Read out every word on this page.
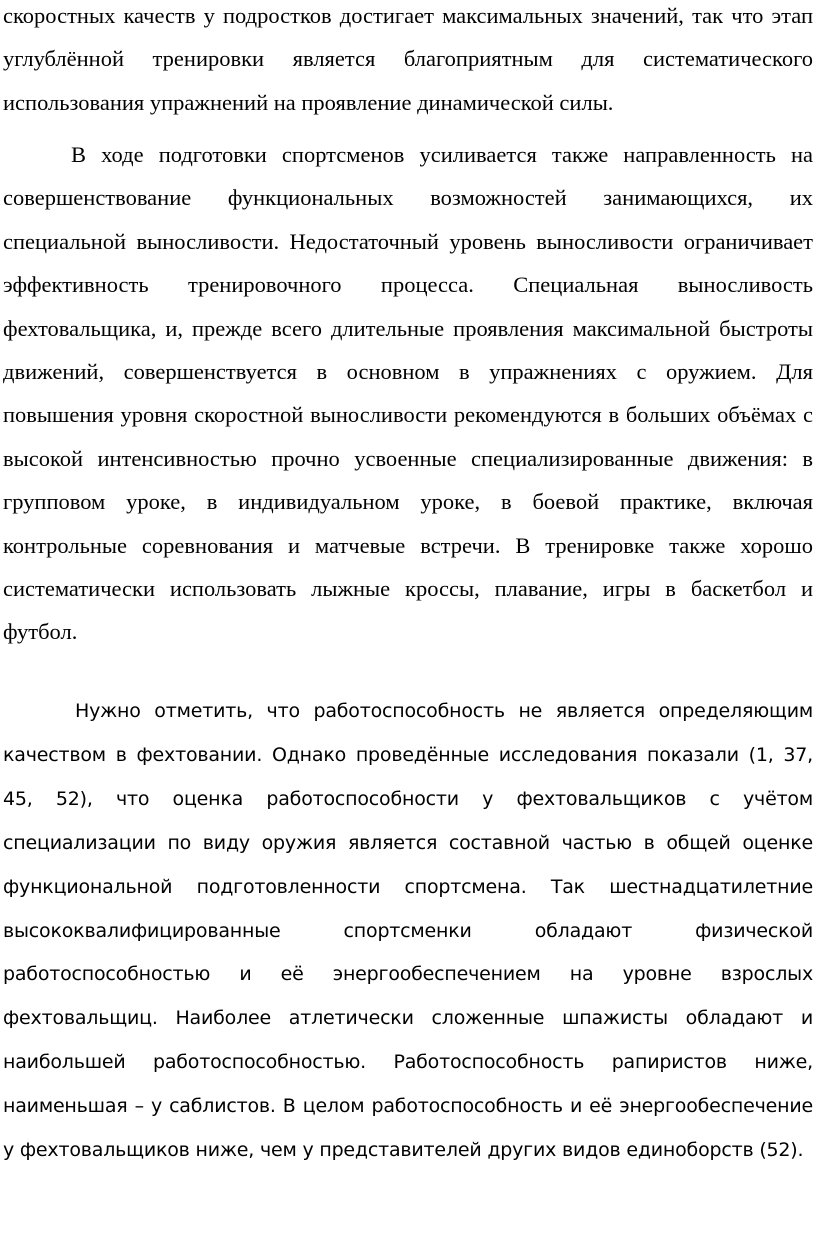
скоростных качеств у подростков достигает максимальных значений, так что этап углублённой тренировки является благоприятным для систематического использования упражнений на проявление динамической силы.

В ходе подготовки спортсменов усиливается также направленность на совершенствование функциональных возможностей занимающихся, их специальной выносливости. Недостаточный уровень выносливости ограничивает эффективность тренировочного процесса. Специальная выносливость фехтовальщика, и, прежде всего длительные проявления максимальной быстроты движений, совершенствуется в основном в упражнениях с оружием. Для повышения уровня скоростной выносливости рекомендуются в больших объёмах с высокой интенсивностью прочно усвоенные специализированные движения: в групповом уроке, в индивидуальном уроке, в боевой практике, включая контрольные соревнования и матчевые встречи. В тренировке также хорошо систематически использовать лыжные кроссы, плавание, игры в баскетбол и футбол.

Нужно отметить, что работоспособность не является определяющим качеством в фехтовании. Однако проведённые исследования показали (1, 37, 45, 52), что оценка работоспособности у фехтовальщиков с учётом специализации по виду оружия является составной частью в общей оценке функциональной подготовленности спортсмена. Так шестнадцатилетние высококвалифицированные спортсменки обладают физической работоспособностью и её энергообеспечением на уровне взрослых фехтовальщиц. Наиболее атлетически сложенные шпажисты обладают и наибольшей работоспособностью. Работоспособность рапиристов ниже, наименьшая – у саблистов. В целом работоспособность и её энергообеспечение у фехтовальщиков ниже, чем у представителей других видов единоборств (52).
